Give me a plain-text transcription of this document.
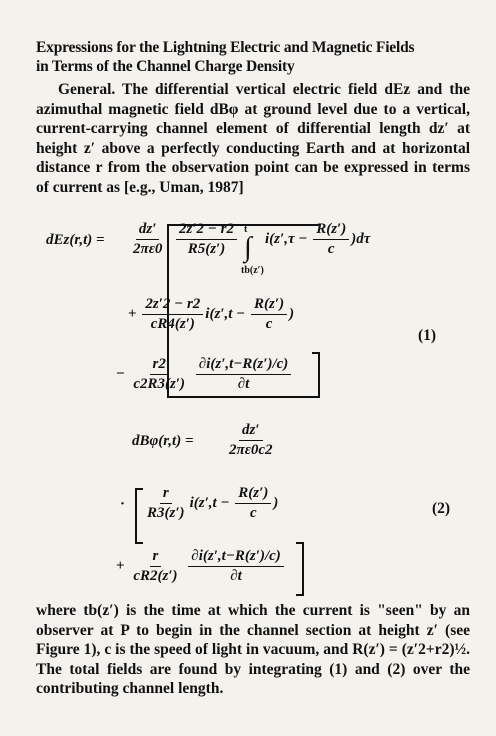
Expressions for the Lightning Electric and Magnetic Fields
in Terms of the Channel Charge Density
General. The differential vertical electric field dEz and the azimuthal magnetic field dBφ at ground level due to a vertical, current-carrying channel element of differential length dz′ at height z′ above a perfectly conducting Earth and at horizontal distance r from the observation point can be expressed in terms of current as [e.g., Uman, 1987]
$dEz(r,t) = \frac{dz'}{2\pi\varepsilon 0} \frac{2z'2 - r2}{R5(z')}$ t
∫
tb(z′)
$i(z',\tau - \frac{R(z')}{c} )d\tau$
+ $\frac{2z'2 - r2}{cR4(z')} i(z',t - \frac{R(z')}{c}$ )
(1)
− $\frac{r2}{c2R3(z')}$
$\frac{\partial i(z',t-R(z')/c)}{\partial t}$
$dB\varphi(r,t) = \frac{dz'}{2\pi\varepsilon 0c2}$
· $\frac{r}{R3(z')} i(z',t - \frac{R(z')}{c}$ )	(2)
+ $\frac{r}{cR2(z')}$
$\frac{\partial i(z',t-R(z')/c)}{\partial t}$
where tb(z′) is the time at which the current is "seen" by an observer at P to begin in the channel section at height z′ (see Figure 1), c is the speed of light in vacuum, and R(z′) = (z′2+r2)½. The total fields are found by integrating (1) and (2) over the contributing channel length.
